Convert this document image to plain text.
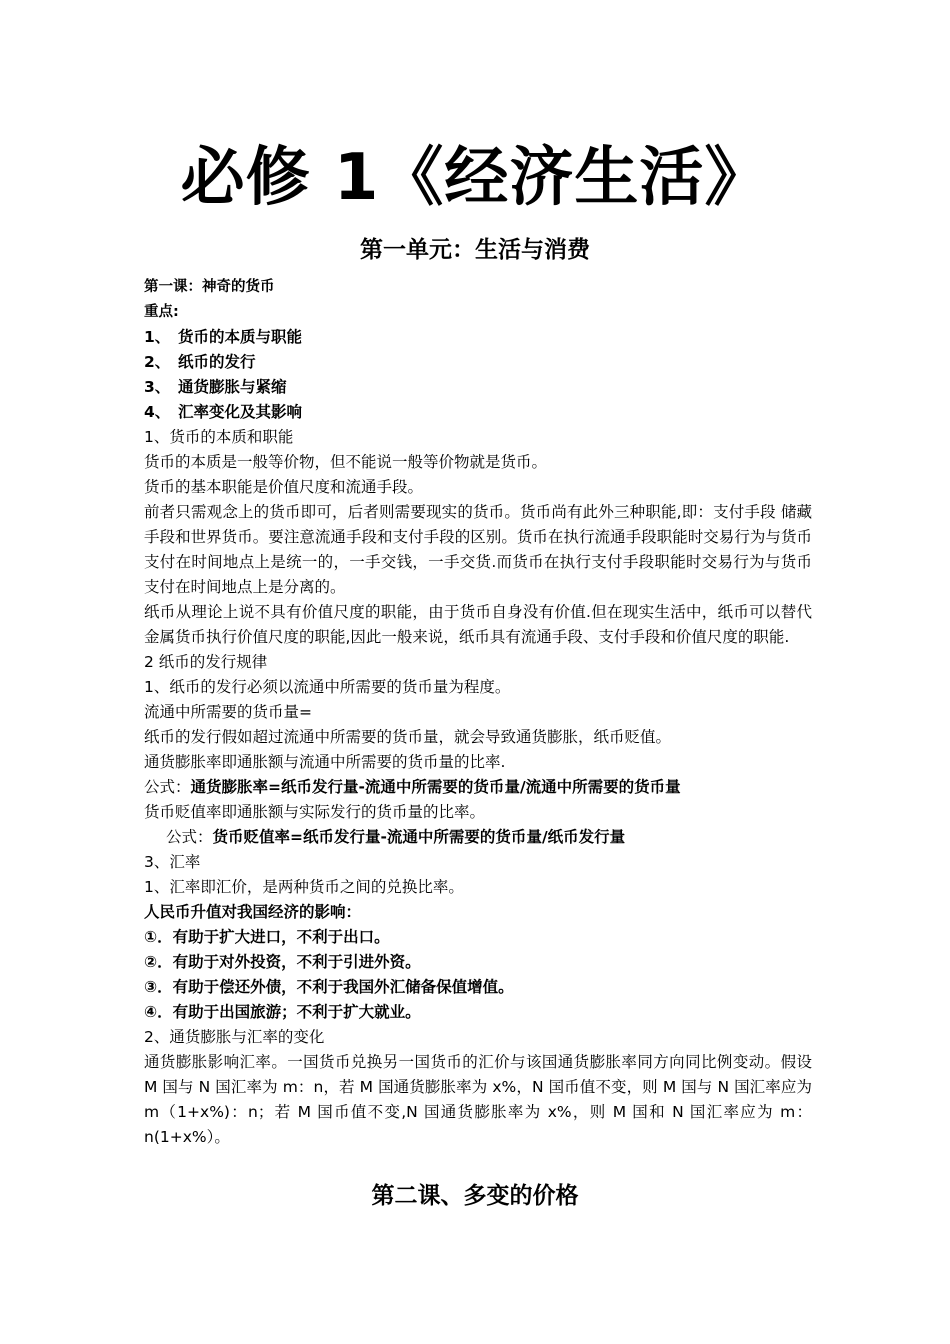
必修 1《经济生活》
第一单元：生活与消费
第一课：神奇的货币
重点:
1、 货币的本质与职能
2、 纸币的发行
3、 通货膨胀与紧缩
4、 汇率变化及其影响
1、货币的本质和职能
货币的本质是一般等价物，但不能说一般等价物就是货币。
货币的基本职能是价值尺度和流通手段。

前者只需观念上的货币即可，后者则需要现实的货币。货币尚有此外三种职能,即：支付手段 储藏手段和世界货币。要注意流通手段和支付手段的区别。货币在执行流通手段职能时交易行为与货币支付在时间地点上是统一的，一手交钱，一手交货.而货币在执行支付手段职能时交易行为与货币支付在时间地点上是分离的。

纸币从理论上说不具有价值尺度的职能，由于货币自身没有价值.但在现实生活中，纸币可以替代金属货币执行价值尺度的职能,因此一般来说，纸币具有流通手段、支付手段和价值尺度的职能.

2 纸币的发行规律
1、纸币的发行必须以流通中所需要的货币量为程度。
流通中所需要的货币量=
纸币的发行假如超过流通中所需要的货币量，就会导致通货膨胀，纸币贬值。
通货膨胀率即通胀额与流通中所需要的货币量的比率.
公式：通货膨胀率=纸币发行量-流通中所需要的货币量/流通中所需要的货币量
货币贬值率即通胀额与实际发行的货币量的比率。
公式：货币贬值率=纸币发行量-流通中所需要的货币量/纸币发行量
3、汇率
1、汇率即汇价，是两种货币之间的兑换比率。
人民币升值对我国经济的影响：
①．有助于扩大进口，不利于出口。
②．有助于对外投资，不利于引进外资。
③．有助于偿还外债，不利于我国外汇储备保值增值。
④．有助于出国旅游；不利于扩大就业。
2、通货膨胀与汇率的变化

通货膨胀影响汇率。一国货币兑换另一国货币的汇价与该国通货膨胀率同方向同比例变动。假设 M 国与 N 国汇率为 m：n，若 M 国通货膨胀率为 x%，N 国币值不变，则 M 国与 N 国汇率应为 m（1+x%)：n；若 M 国币值不变,N 国通货膨胀率为 x%，则 M 国和 N 国汇率应为 m：n(1+x%）。

第二课、多变的价格
